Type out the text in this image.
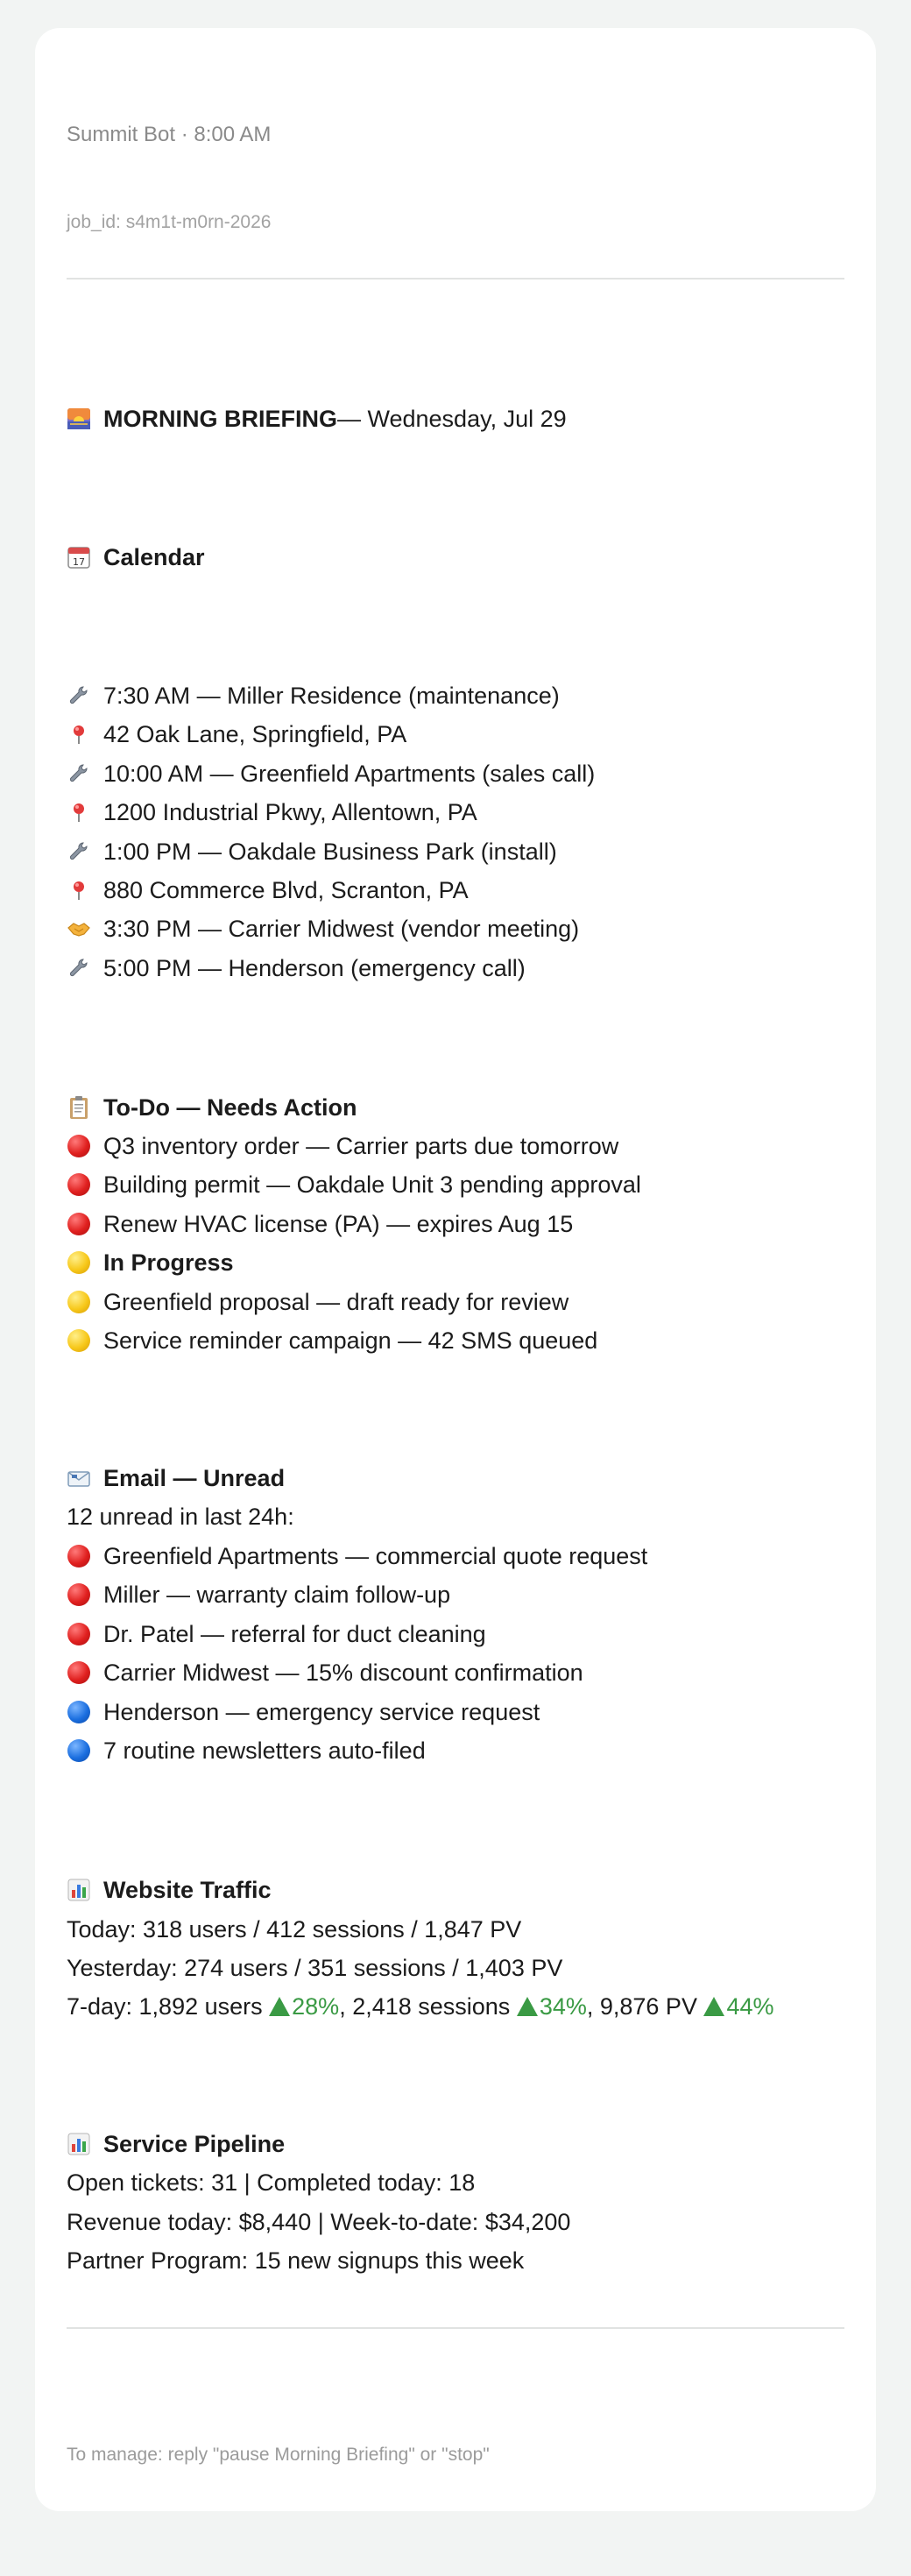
Summit Bot · 8:00 AM
job_id: s4m1t-m0rn-2026
MORNING BRIEFING — Wednesday, Jul 29
17 Calendar
7:30 AM — Miller Residence (maintenance)
42 Oak Lane, Springfield, PA
10:00 AM — Greenfield Apartments (sales call)
1200 Industrial Pkwy, Allentown, PA
1:00 PM — Oakdale Business Park (install)
880 Commerce Blvd, Scranton, PA
3:30 PM — Carrier Midwest (vendor meeting)
5:00 PM — Henderson (emergency call)
To-Do — Needs Action
Q3 inventory order — Carrier parts due tomorrow
Building permit — Oakdale Unit 3 pending approval
Renew HVAC license (PA) — expires Aug 15
In Progress
Greenfield proposal — draft ready for review
Service reminder campaign — 42 SMS queued
Email — Unread
12 unread in last 24h:
Greenfield Apartments — commercial quote request
Miller — warranty claim follow-up
Dr. Patel — referral for duct cleaning
Carrier Midwest — 15% discount confirmation
Henderson — emergency service request
7 routine newsletters auto-filed
Website Traffic
Today: 318 users / 412 sessions / 1,847 PV
Yesterday: 274 users / 351 sessions / 1,403 PV
7-day: 1,892 users 28% , 2,418 sessions 34% , 9,876 PV 44%
Service Pipeline
Open tickets: 31 | Completed today: 18
Revenue today: $8,440 | Week-to-date: $34,200
Partner Program: 15 new signups this week
To manage: reply "pause Morning Briefing" or "stop"
